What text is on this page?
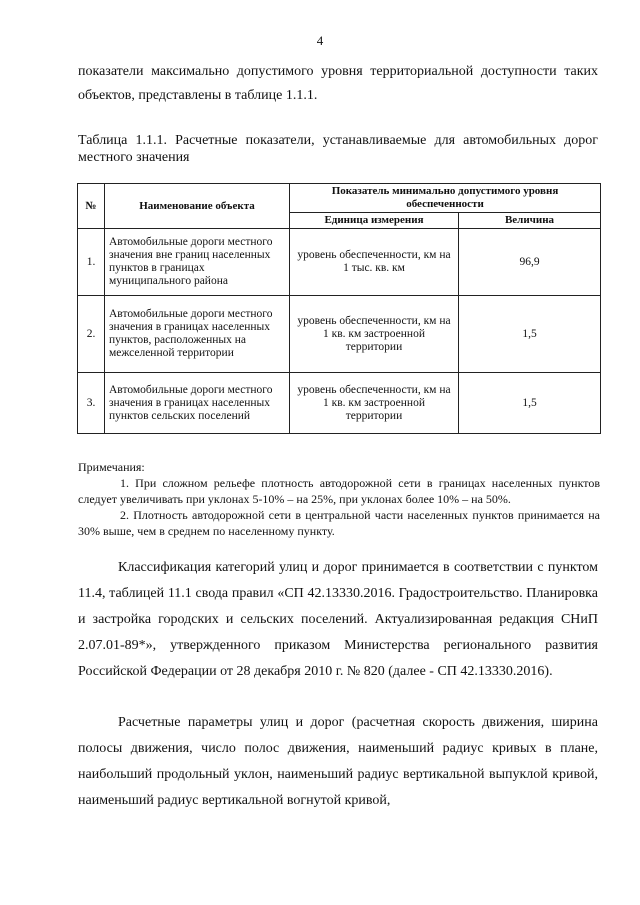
4
показатели максимально допустимого уровня территориальной доступности таких объектов, представлены в таблице 1.1.1.
Таблица 1.1.1. Расчетные показатели, устанавливаемые для автомобильных дорог местного значения
№	Наименование объекта	Показатель минимально допустимого уровня обеспеченности	
		Единица измерения	Величина
1.	Автомобильные дороги местного значения вне границ населенных пунктов в границах муниципального района	уровень обеспеченности, км на 1 тыс. кв. км	96,9
2.	Автомобильные дороги местного значения в границах населенных пунктов, расположенных на межселенной территории	уровень обеспеченности, км на 1 кв. км застроенной территории	1,5
3.	Автомобильные дороги местного значения в границах населенных пунктов сельских поселений	уровень обеспеченности, км на 1 кв. км застроенной территории	1,5
Примечания:
1. При сложном рельефе плотность автодорожной сети в границах населенных пунктов следует увеличивать при уклонах 5-10% – на 25%, при уклонах более 10% – на 50%.
2. Плотность автодорожной сети в центральной части населенных пунктов принимается на 30% выше, чем в среднем по населенному пункту.
Классификация категорий улиц и дорог принимается в соответствии с пунктом 11.4, таблицей 11.1 свода правил «СП 42.13330.2016. Градостроительство. Планировка и застройка городских и сельских поселений. Актуализированная редакция СНиП 2.07.01-89*», утвержденного приказом Министерства регионального развития Российской Федерации от 28 декабря 2010 г. № 820 (далее - СП 42.13330.2016).
Расчетные параметры улиц и дорог (расчетная скорость движения, ширина полосы движения, число полос движения, наименьший радиус кривых в плане, наибольший продольный уклон, наименьший радиус вертикальной выпуклой кривой, наименьший радиус вертикальной вогнутой кривой,
